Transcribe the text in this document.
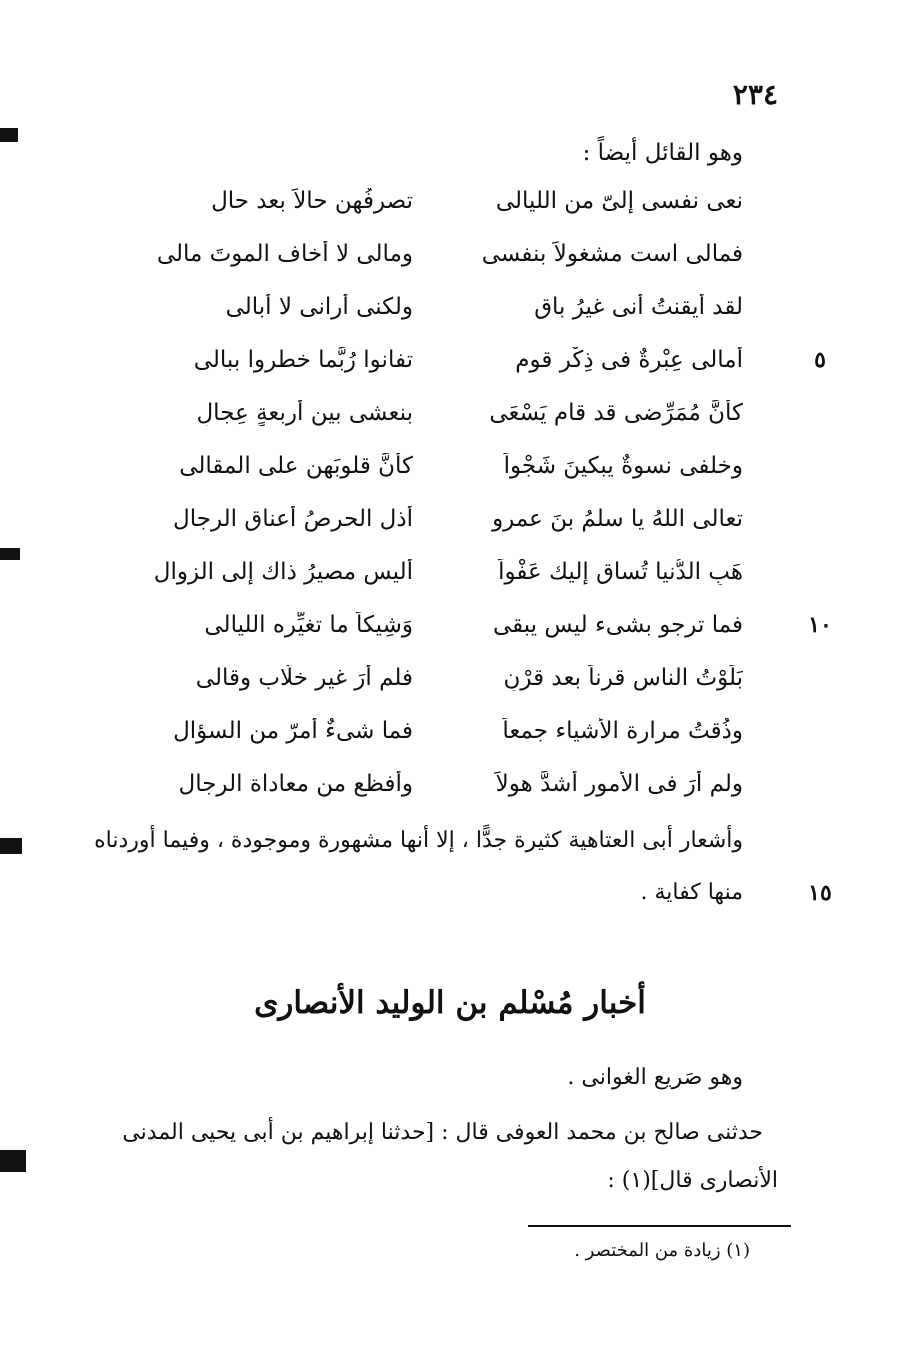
٢٣٤
وهو القائل أيضاً :
نعى نفسى إلىّ من الليالى
تصرفُهن حالاً بعد حالِ
فمالى است مشغولاً بنفسى
ومالى لا أخاف الموتَ مالى
لقد أيقنتُ أنى غيرُ باقِ
ولكنى أرانى لا أبالى
٥
أمالى عِبْرةٌ فى ذِكْرِ قومٍ
تفانوا رُبَّما خطروا ببالى
كأنَّ مُمَرِّضى قد قام يَسْعَى
بنعشى بين أربعةٍ عِجالِ
وخلفى نسوةٌ يبكينَ شَجْواً
كأنَّ قلوبَهن على المقالى
تعالى اللهُ يا سلمُ بنَ عمرو
أذل الحرصُ أعناق الرجال
هَبِ الدُّنيا تُساق إليك عَفْواً
أليس مصيرُ ذاك إلى الزوال
١٠
فما ترجو بشىء ليس يبقى
وَشِيكاً ما تغيِّره الليالى
بَلَوْتُ الناس قرناً بعد قرْنٍ
فلم أرَ غير خلّاب وقالى
وذُقتُ مرارة الأشياء جمعاً
فما شىءٌ أمرّ من السؤال
ولم أرَ فى الأمور أشدَّ هولاً
وأفظع من معاداة الرجال
وأشعار أبى العتاهية كثيرة جدًّا ، إلا أنها مشهورة وموجودة ، وفيما أوردناه
منها كفاية .	١٥
أخبار مُسْلم بن الوليد الأنصارى
وهو صَريع الغوانى .
حدثنى صالح بن محمد العوفى قال : [حدثنا إبراهيم بن أبى يحيى المدنى
الأنصارى قال](١) :
(١) زيادة من المختصر .
